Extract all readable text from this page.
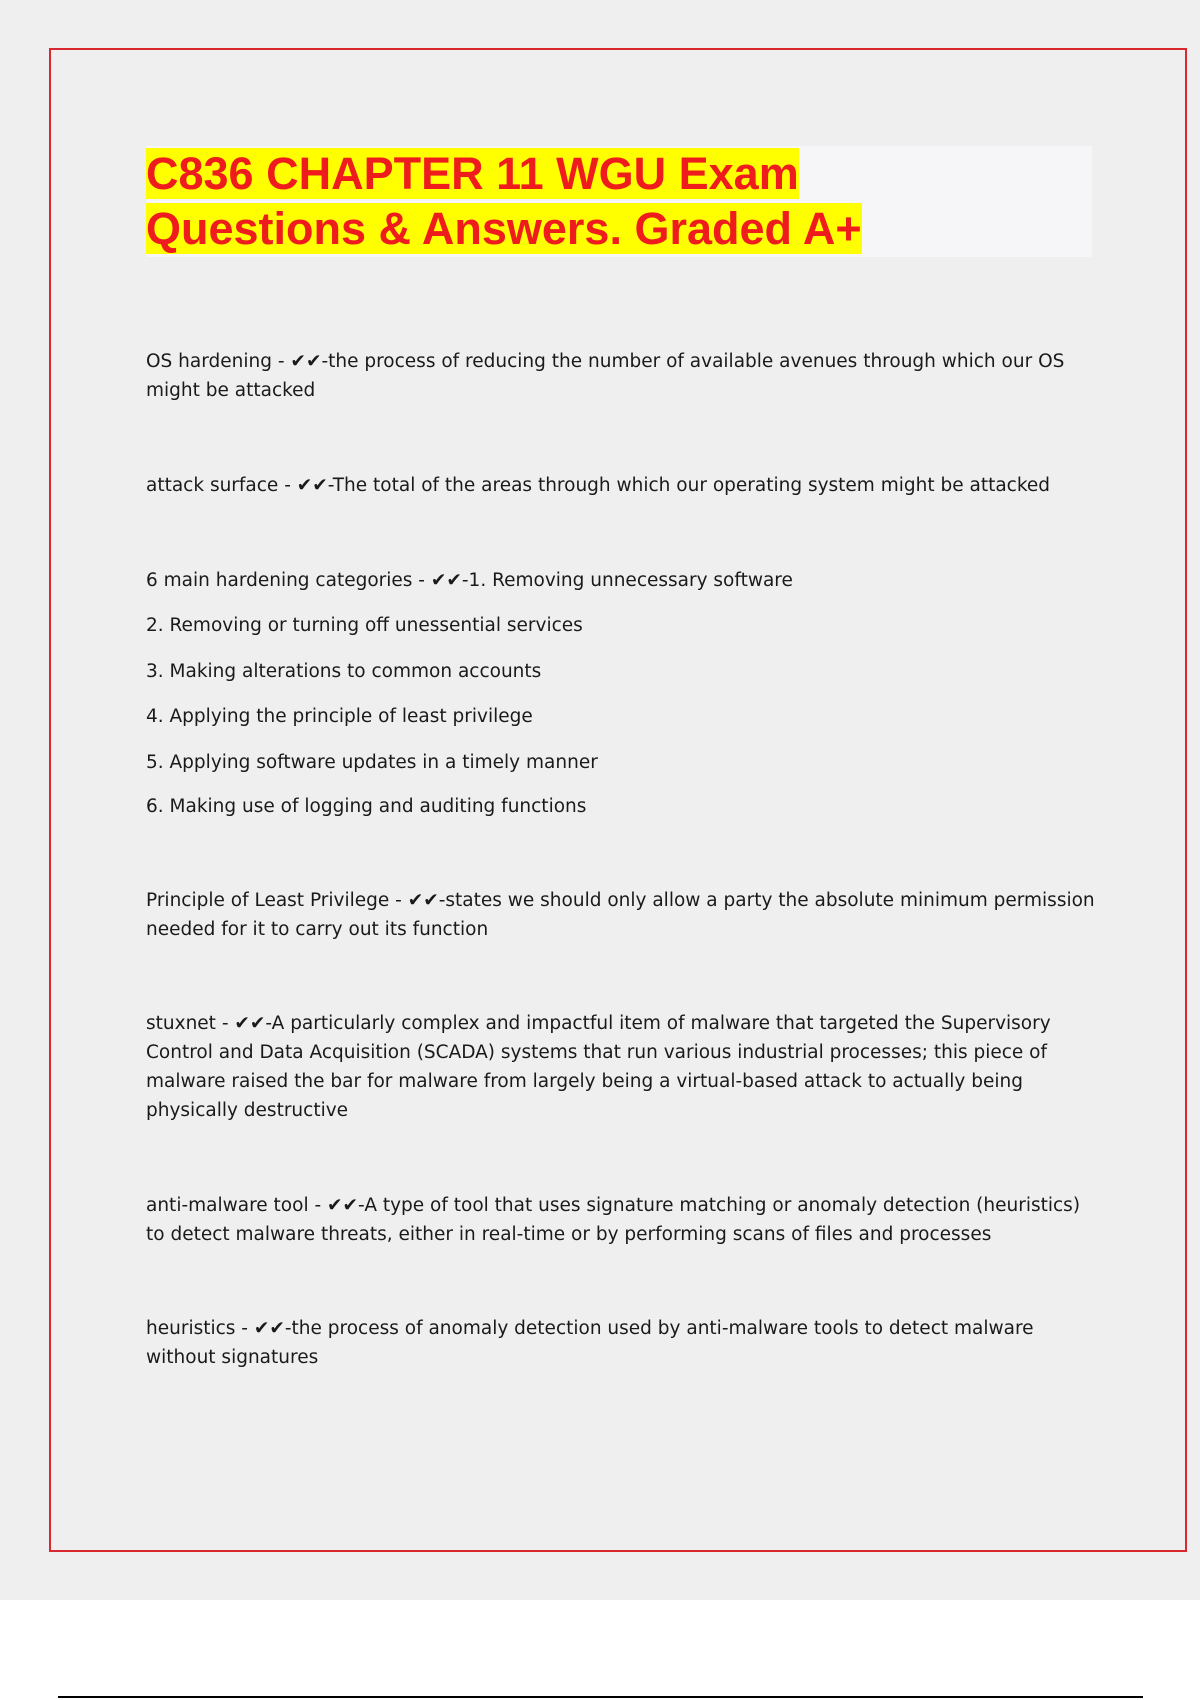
C836 CHAPTER 11 WGU Exam
Questions & Answers. Graded A+
OS hardening - ✔✔-the process of reducing the number of available avenues through which our OS might be attacked
attack surface - ✔✔-The total of the areas through which our operating system might be attacked
6 main hardening categories - ✔✔-1. Removing unnecessary software
2. Removing or turning off unessential services
3. Making alterations to common accounts
4. Applying the principle of least privilege
5. Applying software updates in a timely manner
6. Making use of logging and auditing functions
Principle of Least Privilege - ✔✔-states we should only allow a party the absolute minimum permission needed for it to carry out its function
stuxnet - ✔✔-A particularly complex and impactful item of malware that targeted the Supervisory Control and Data Acquisition (SCADA) systems that run various industrial processes; this piece of malware raised the bar for malware from largely being a virtual-based attack to actually being physically destructive
anti-malware tool - ✔✔-A type of tool that uses signature matching or anomaly detection (heuristics) to detect malware threats, either in real-time or by performing scans of files and processes
heuristics - ✔✔-the process of anomaly detection used by anti-malware tools to detect malware without signatures
